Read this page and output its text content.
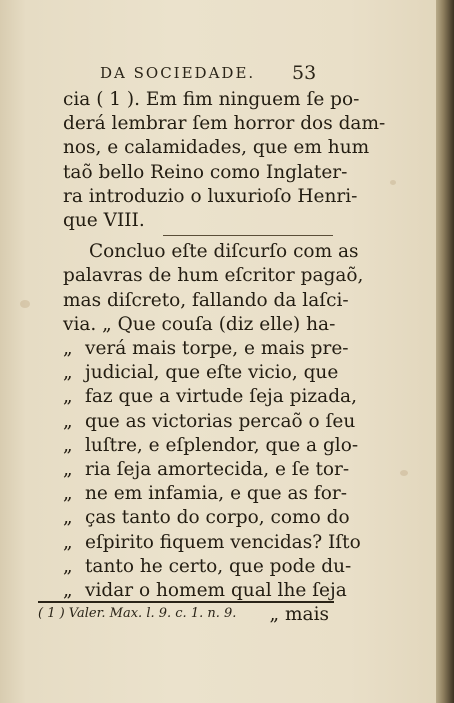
DA SOCIEDADE.	53
cia ( 1 ). Em fim ninguem ſe po-
derá lembrar ſem horror dos dam-
nos, e calamidades, que em hum
taõ bello Reino como Inglater-
ra introduzio o luxurioſo Henri-
que VIII.
Concluo eſte diſcurſo com as
palavras de hum eſcritor pagaõ,
mas diſcreto, fallando da laſci-
via. „ Que couſa (diz elle) ha-
„ verá mais torpe, e mais pre-
„ judicial, que eſte vicio, que
„ faz que a virtude ſeja pizada,
„ que as victorias percaõ o ſeu
„ luſtre, e eſplendor, que a glo-
„ ria ſeja amortecida, e ſe tor-
„ ne em infamia, e que as for-
„ ças tanto do corpo, como do
„ eſpirito fiquem vencidas? Iſto
„ tanto he certo, que pode du-
„ vidar o homem qual lhe ſeja
„ mais
( 1 ) Valer. Max. l. 9. c. 1. n. 9.
